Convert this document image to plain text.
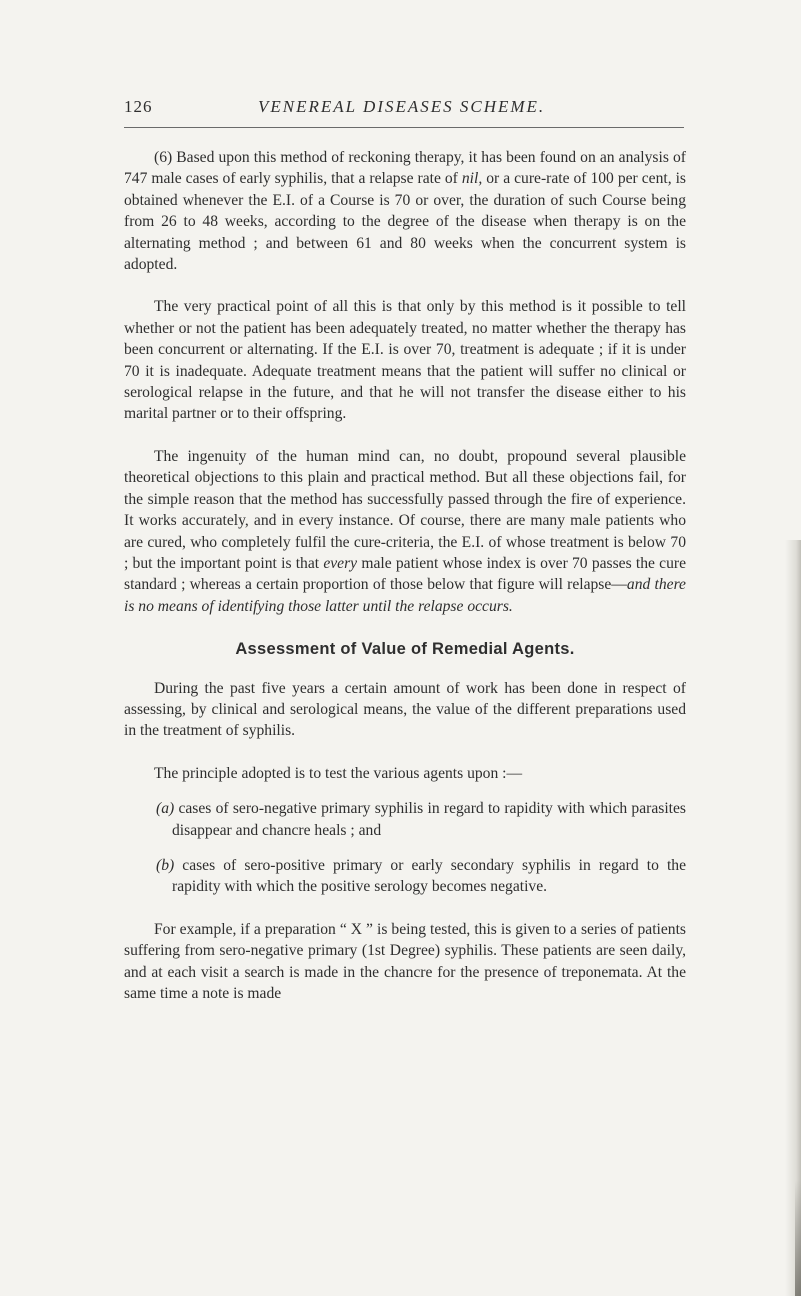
126	VENEREAL DISEASES SCHEME.

(6) Based upon this method of reckoning therapy, it has been found on an analysis of 747 male cases of early syphilis, that a relapse rate of nil, or a cure-rate of 100 per cent, is obtained whenever the E.I. of a Course is 70 or over, the duration of such Course being from 26 to 48 weeks, according to the degree of the disease when therapy is on the alternating method ; and between 61 and 80 weeks when the concurrent system is adopted.

The very practical point of all this is that only by this method is it possible to tell whether or not the patient has been adequately treated, no matter whether the therapy has been concurrent or alternating. If the E.I. is over 70, treatment is adequate ; if it is under 70 it is inadequate. Adequate treatment means that the patient will suffer no clinical or serological relapse in the future, and that he will not transfer the disease either to his marital partner or to their offspring.

The ingenuity of the human mind can, no doubt, propound several plausible theoretical objections to this plain and practical method. But all these objections fail, for the simple reason that the method has successfully passed through the fire of experience. It works accurately, and in every instance. Of course, there are many male patients who are cured, who completely fulfil the cure-criteria, the E.I. of whose treatment is below 70 ; but the important point is that every male patient whose index is over 70 passes the cure standard ; whereas a certain proportion of those below that figure will relapse—and there is no means of identifying those latter until the relapse occurs.

Assessment of Value of Remedial Agents.

During the past five years a certain amount of work has been done in respect of assessing, by clinical and serological means, the value of the different preparations used in the treatment of syphilis.

The principle adopted is to test the various agents upon :—

(a) cases of sero-negative primary syphilis in regard to rapidity with which parasites disappear and chancre heals ; and

(b) cases of sero-positive primary or early secondary syphilis in regard to the rapidity with which the positive serology becomes negative.

For example, if a preparation “ X ” is being tested, this is given to a series of patients suffering from sero-negative primary (1st Degree) syphilis. These patients are seen daily, and at each visit a search is made in the chancre for the presence of treponemata. At the same time a note is made
